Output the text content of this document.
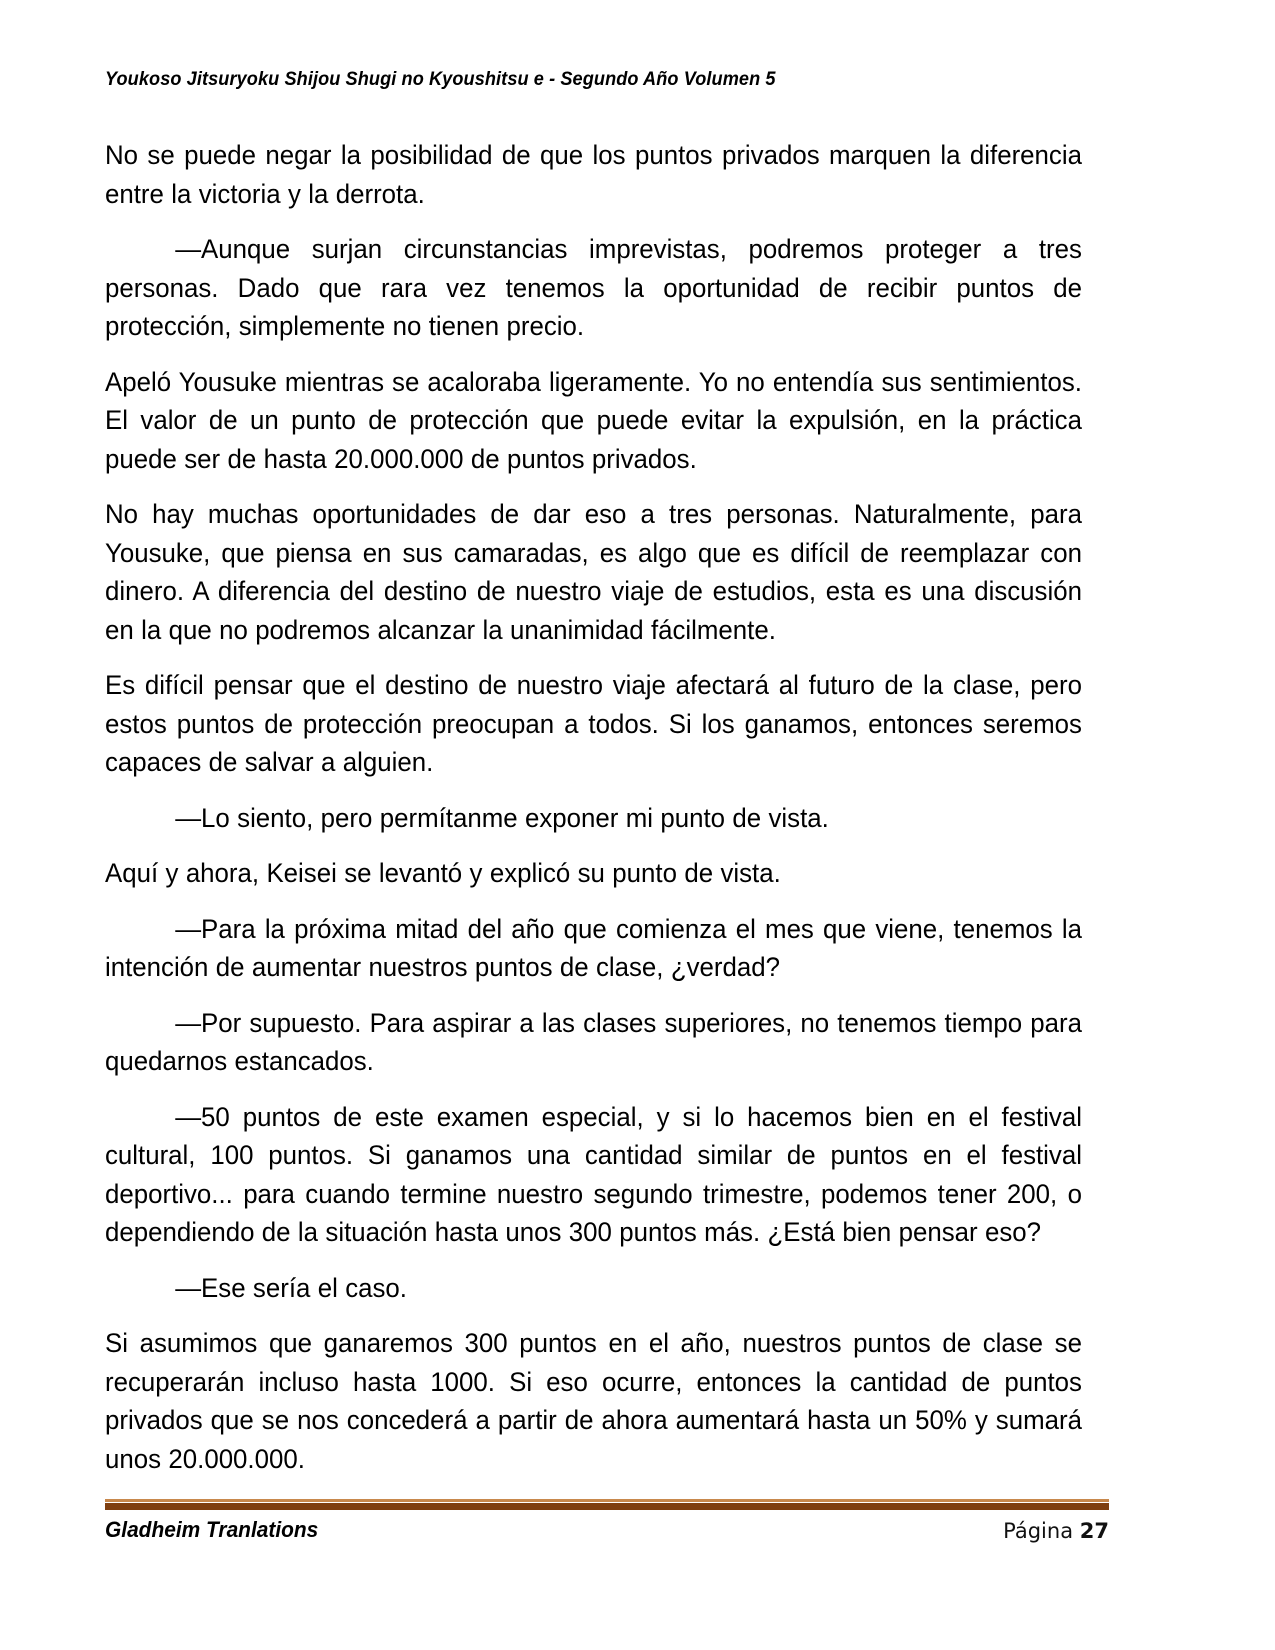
Youkoso Jitsuryoku Shijou Shugi no Kyoushitsu e - Segundo Año Volumen 5

No se puede negar la posibilidad de que los puntos privados marquen la diferencia entre la victoria y la derrota.

—Aunque surjan circunstancias imprevistas, podremos proteger a tres personas. Dado que rara vez tenemos la oportunidad de recibir puntos de protección, simplemente no tienen precio.

Apeló Yousuke mientras se acaloraba ligeramente. Yo no entendía sus sentimientos. El valor de un punto de protección que puede evitar la expulsión, en la práctica puede ser de hasta 20.000.000 de puntos privados.

No hay muchas oportunidades de dar eso a tres personas. Naturalmente, para Yousuke, que piensa en sus camaradas, es algo que es difícil de reemplazar con dinero. A diferencia del destino de nuestro viaje de estudios, esta es una discusión en la que no podremos alcanzar la unanimidad fácilmente.

Es difícil pensar que el destino de nuestro viaje afectará al futuro de la clase, pero estos puntos de protección preocupan a todos. Si los ganamos, entonces seremos capaces de salvar a alguien.

—Lo siento, pero permítanme exponer mi punto de vista.

Aquí y ahora, Keisei se levantó y explicó su punto de vista.

—Para la próxima mitad del año que comienza el mes que viene, tenemos la intención de aumentar nuestros puntos de clase, ¿verdad?

—Por supuesto. Para aspirar a las clases superiores, no tenemos tiempo para quedarnos estancados.

—50 puntos de este examen especial, y si lo hacemos bien en el festival cultural, 100 puntos. Si ganamos una cantidad similar de puntos en el festival deportivo... para cuando termine nuestro segundo trimestre, podemos tener 200, o dependiendo de la situación hasta unos 300 puntos más. ¿Está bien pensar eso?

—Ese sería el caso.

Si asumimos que ganaremos 300 puntos en el año, nuestros puntos de clase se recuperarán incluso hasta 1000. Si eso ocurre, entonces la cantidad de puntos privados que se nos concederá a partir de ahora aumentará hasta un 50% y sumará unos 20.000.000.

Gladheim Tranlations	Página 27
